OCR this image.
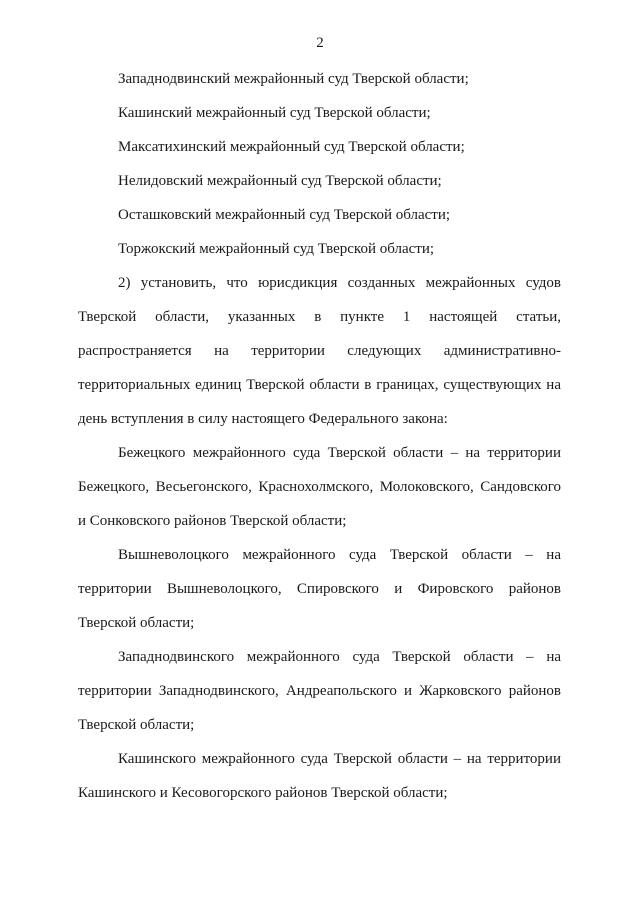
2

Западнодвинский межрайонный суд Тверской области;

Кашинский межрайонный суд Тверской области;

Максатихинский межрайонный суд Тверской области;

Нелидовский межрайонный суд Тверской области;

Осташковский межрайонный суд Тверской области;

Торжокский межрайонный суд Тверской области;

2) установить, что юрисдикция созданных межрайонных судов Тверской области, указанных в пункте 1 настоящей статьи, распространяется на территории следующих административно-территориальных единиц Тверской области в границах, существующих на день вступления в силу настоящего Федерального закона:

Бежецкого межрайонного суда Тверской области – на территории Бежецкого, Весьегонского, Краснохолмского, Молоковского, Сандовского и Сонковского районов Тверской области;

Вышневолоцкого межрайонного суда Тверской области – на территории Вышневолоцкого, Спировского и Фировского районов Тверской области;

Западнодвинского межрайонного суда Тверской области – на территории Западнодвинского, Андреапольского и Жарковского районов Тверской области;

Кашинского межрайонного суда Тверской области – на территории Кашинского и Кесовогорского районов Тверской области;
